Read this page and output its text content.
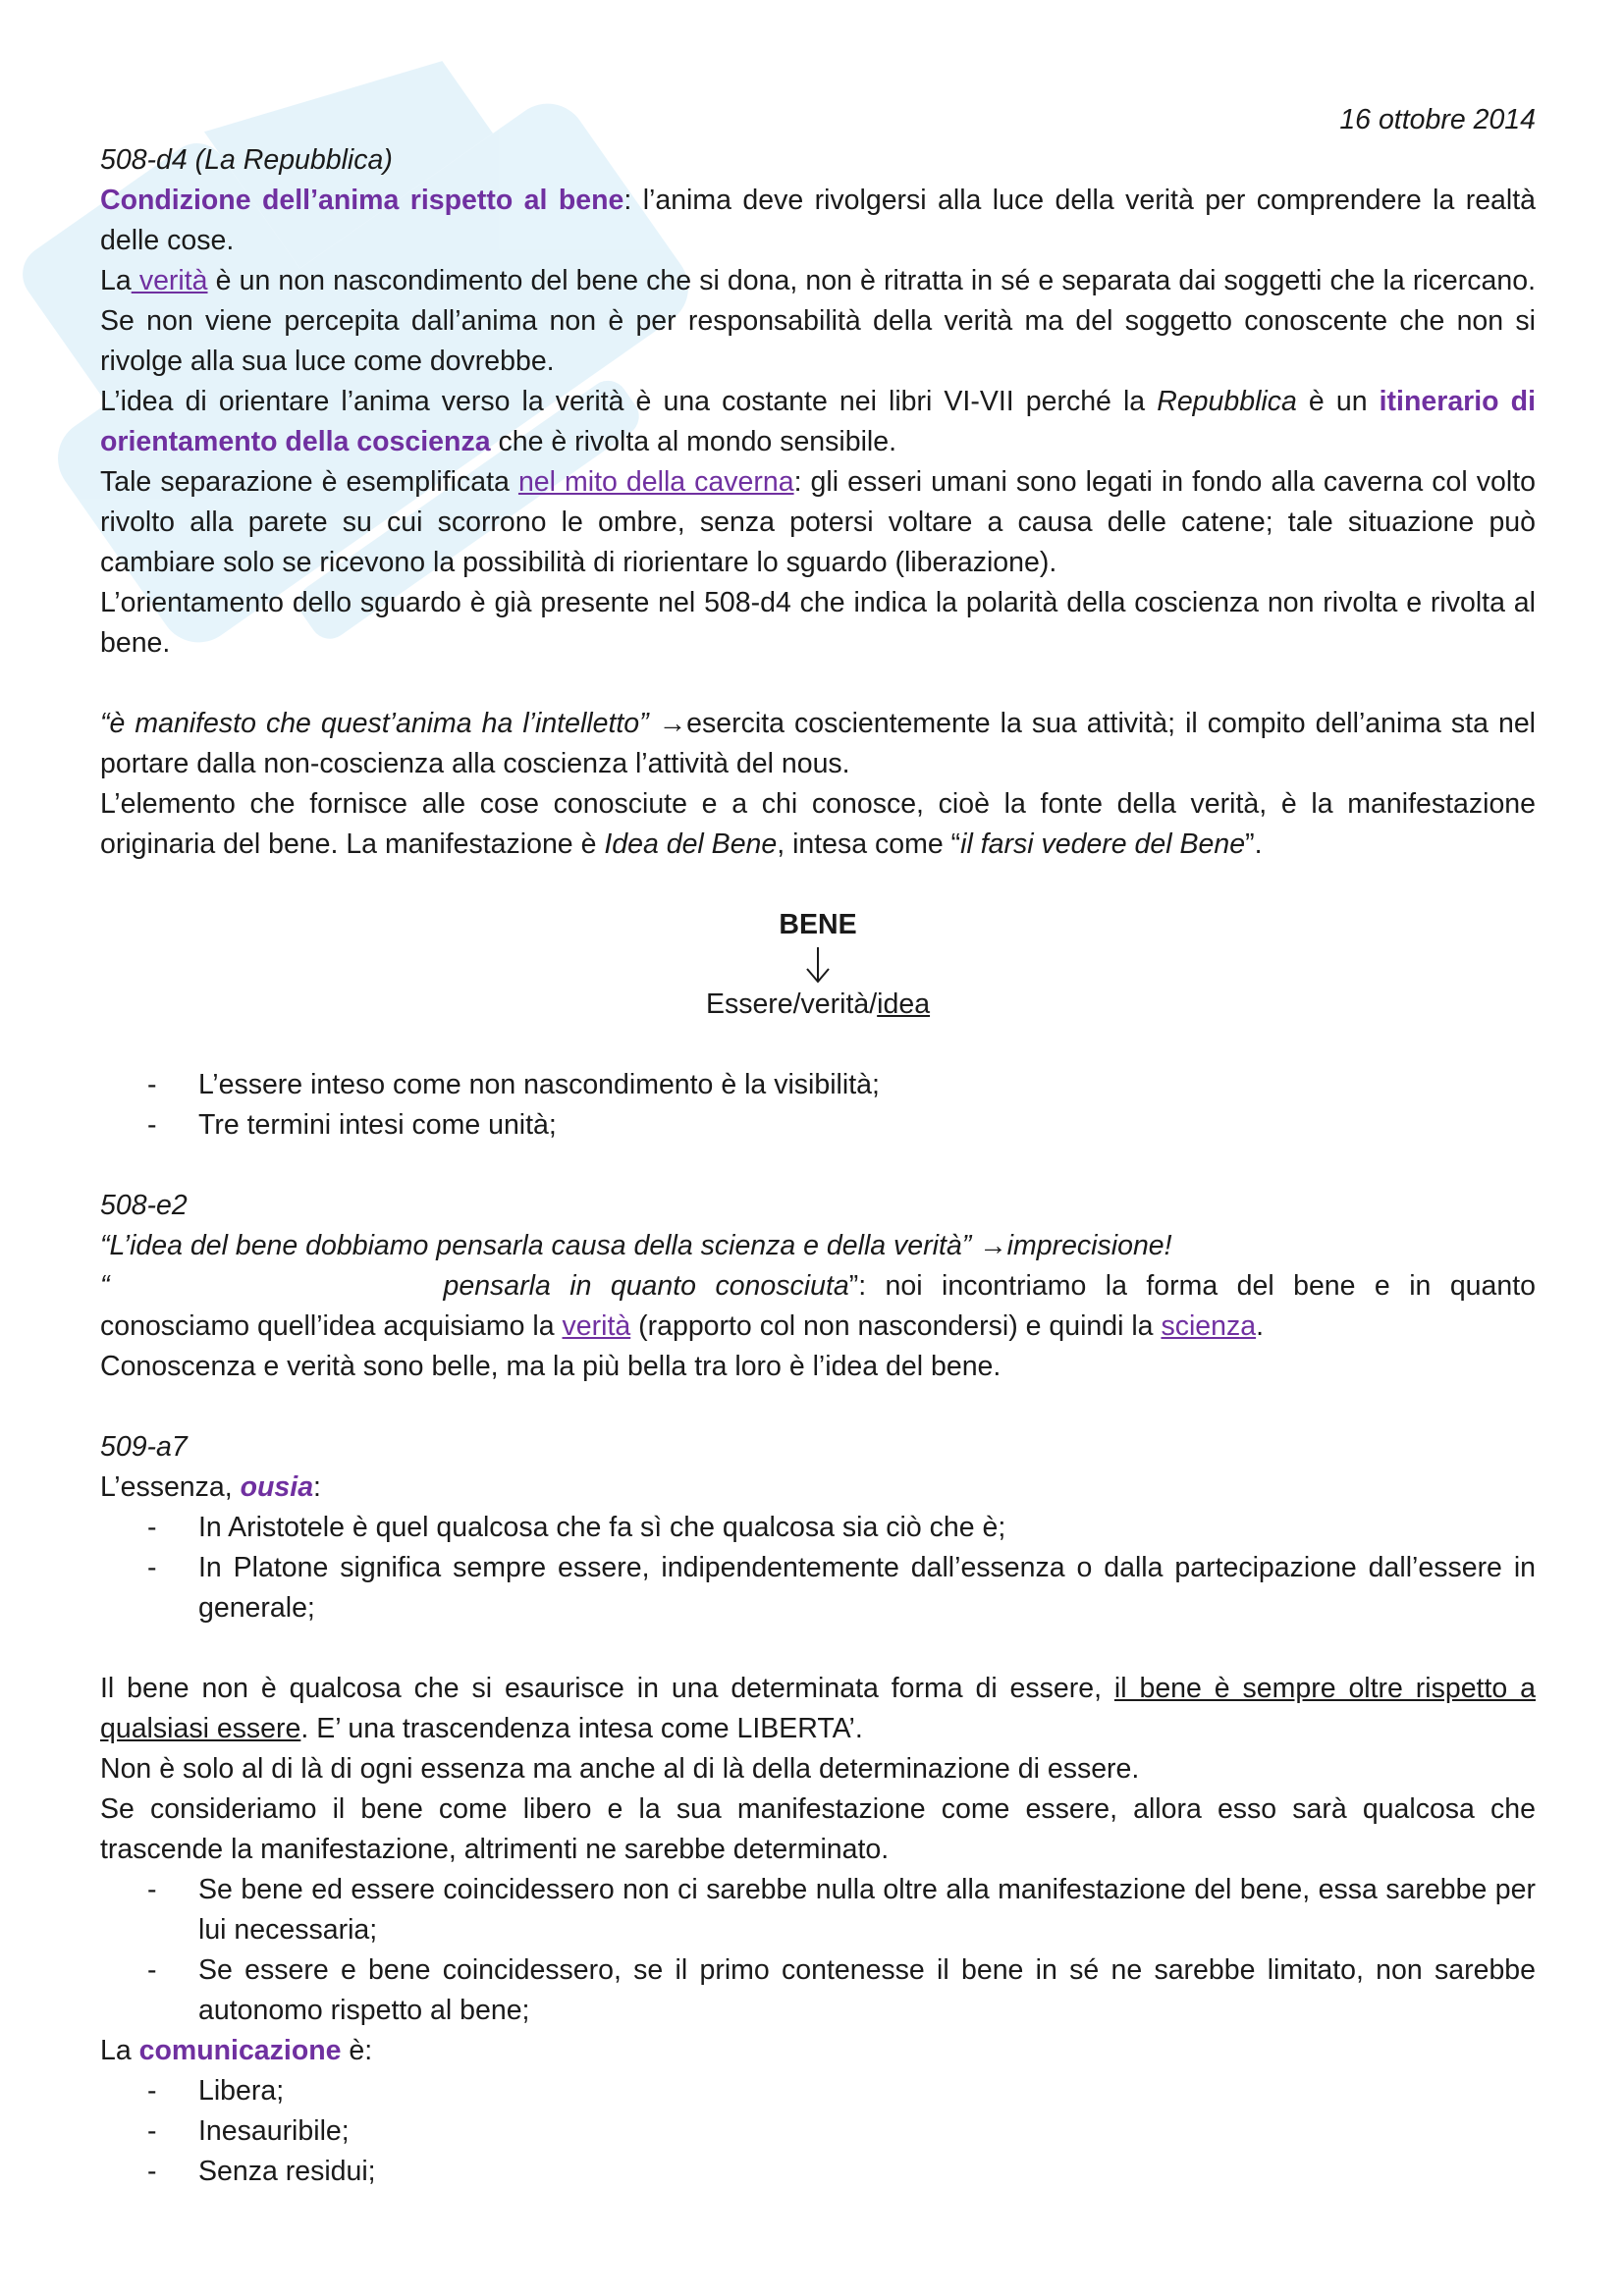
16 ottobre 2014

508-d4 (La Repubblica)

Condizione dell’anima rispetto al bene: l’anima deve rivolgersi alla luce della verità per comprendere la realtà delle cose.

La verità è un non nascondimento del bene che si dona, non è ritratta in sé e separata dai soggetti che la ricercano. Se non viene percepita dall’anima non è per responsabilità della verità ma del soggetto conoscente che non si rivolge alla sua luce come dovrebbe.

L’idea di orientare l’anima verso la verità è una costante nei libri VI-VII perché la Repubblica è un itinerario di orientamento della coscienza che è rivolta al mondo sensibile.

Tale separazione è esemplificata nel mito della caverna: gli esseri umani sono legati in fondo alla caverna col volto rivolto alla parete su cui scorrono le ombre, senza potersi voltare a causa delle catene; tale situazione può cambiare solo se ricevono la possibilità di riorientare lo sguardo (liberazione).

L’orientamento dello sguardo è già presente nel 508-d4 che indica la polarità della coscienza non rivolta e rivolta al bene.

“è manifesto che quest’anima ha l’intelletto” →esercita coscientemente la sua attività; il compito dell’anima sta nel portare dalla non-coscienza alla coscienza l’attività del nous.

L’elemento che fornisce alle cose conosciute e a chi conosce, cioè la fonte della verità, è la manifestazione originaria del bene. La manifestazione è Idea del Bene, intesa come “il farsi vedere del Bene”.

BENE
Essere/verità/idea
- L’essere inteso come non nascondimento è la visibilità;
- Tre termini intesi come unità;

508-e2

“L’idea del bene dobbiamo pensarla causa della scienza e della verità” →imprecisione!

“	pensarla in quanto conosciuta”: noi incontriamo la forma del bene e in quanto conosciamo quell’idea acquisiamo la verità (rapporto col non nascondersi) e quindi la scienza.

Conoscenza e verità sono belle, ma la più bella tra loro è l’idea del bene.

509-a7

L’essenza, ousia:

- In Aristotele è quel qualcosa che fa sì che qualcosa sia ciò che è;
- In Platone significa sempre essere, indipendentemente dall’essenza o dalla partecipazione dall’essere in generale;

Il bene non è qualcosa che si esaurisce in una determinata forma di essere, il bene è sempre oltre rispetto a qualsiasi essere. E’ una trascendenza intesa come LIBERTA’.

Non è solo al di là di ogni essenza ma anche al di là della determinazione di essere.

Se consideriamo il bene come libero e la sua manifestazione come essere, allora esso sarà qualcosa che trascende la manifestazione, altrimenti ne sarebbe determinato.

- Se bene ed essere coincidessero non ci sarebbe nulla oltre alla manifestazione del bene, essa sarebbe per lui necessaria;
- Se essere e bene coincidessero, se il primo contenesse il bene in sé ne sarebbe limitato, non sarebbe autonomo rispetto al bene;

La comunicazione è:

- Libera;
- Inesauribile;
- Senza residui;
